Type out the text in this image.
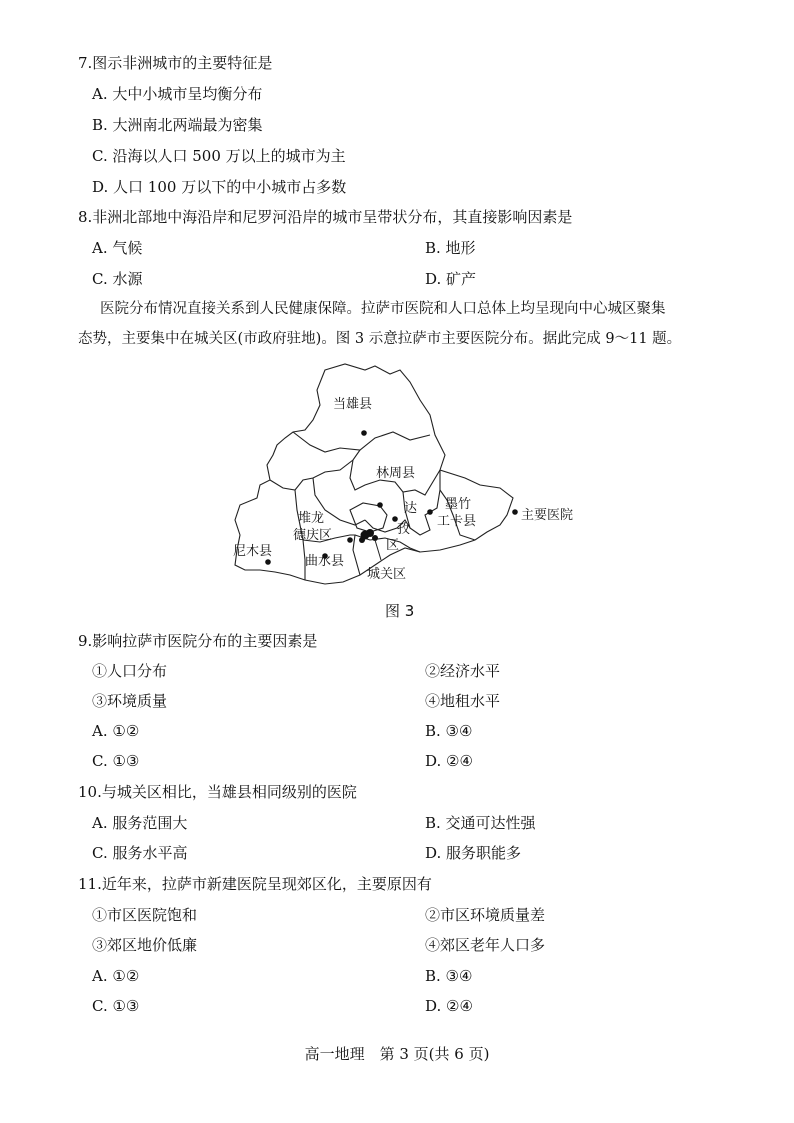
7.图示非洲城市的主要特征是
A. 大中小城市呈均衡分布
B. 大洲南北两端最为密集
C. 沿海以人口 500 万以上的城市为主
D. 人口 100 万以下的中小城市占多数
8.非洲北部地中海沿岸和尼罗河沿岸的城市呈带状分布，其直接影响因素是
A. 气候	B. 地形
C. 水源	D. 矿产
医院分布情况直接关系到人民健康保障。拉萨市医院和人口总体上均呈现向中心城区聚集
态势，主要集中在城关区(市政府驻地)。图 3 示意拉萨市主要医院分布。据此完成 9～11 题。
当雄县
林周县
达
孜
区
墨竹
工卡县
堆龙
德庆区
尼木县
曲水县
城关区
主要医院
图 3
9.影响拉萨市医院分布的主要因素是
①人口分布	②经济水平
③环境质量	④地租水平
A. ①②	B. ③④
C. ①③	D. ②④
10.与城关区相比，当雄县相同级别的医院
A. 服务范围大	B. 交通可达性强
C. 服务水平高	D. 服务职能多
11.近年来，拉萨市新建医院呈现郊区化，主要原因有
①市区医院饱和	②市区环境质量差
③郊区地价低廉	④郊区老年人口多
A. ①②	B. ③④
C. ①③	D. ②④
高一地理　第 3 页(共 6 页)
